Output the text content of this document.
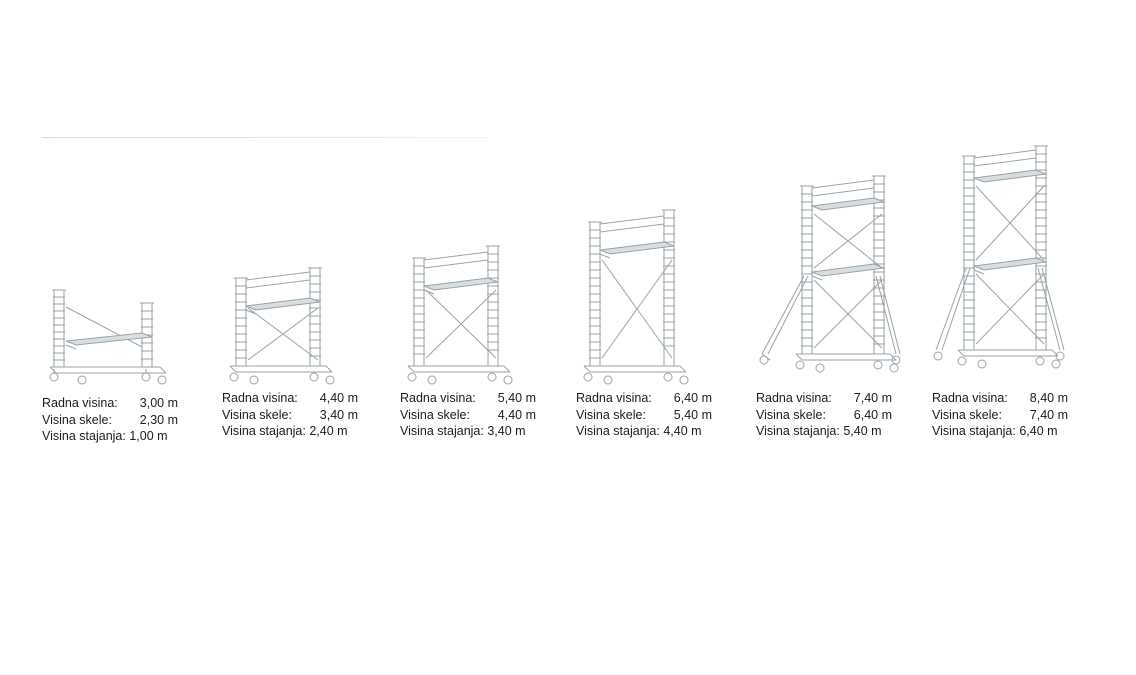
Radna visina:	3,00 m
Visina skele:	2,30 m
Visina stajanja: 1,00 m
Radna visina:	4,40 m
Visina skele:	3,40 m
Visina stajanja: 2,40 m
Radna visina:	5,40 m
Visina skele:	4,40 m
Visina stajanja: 3,40 m
Radna visina:	6,40 m
Visina skele:	5,40 m
Visina stajanja: 4,40 m
Radna visina:	7,40 m
Visina skele:	6,40 m
Visina stajanja: 5,40 m
Radna visina:	8,40 m
Visina skele:	7,40 m
Visina stajanja: 6,40 m
